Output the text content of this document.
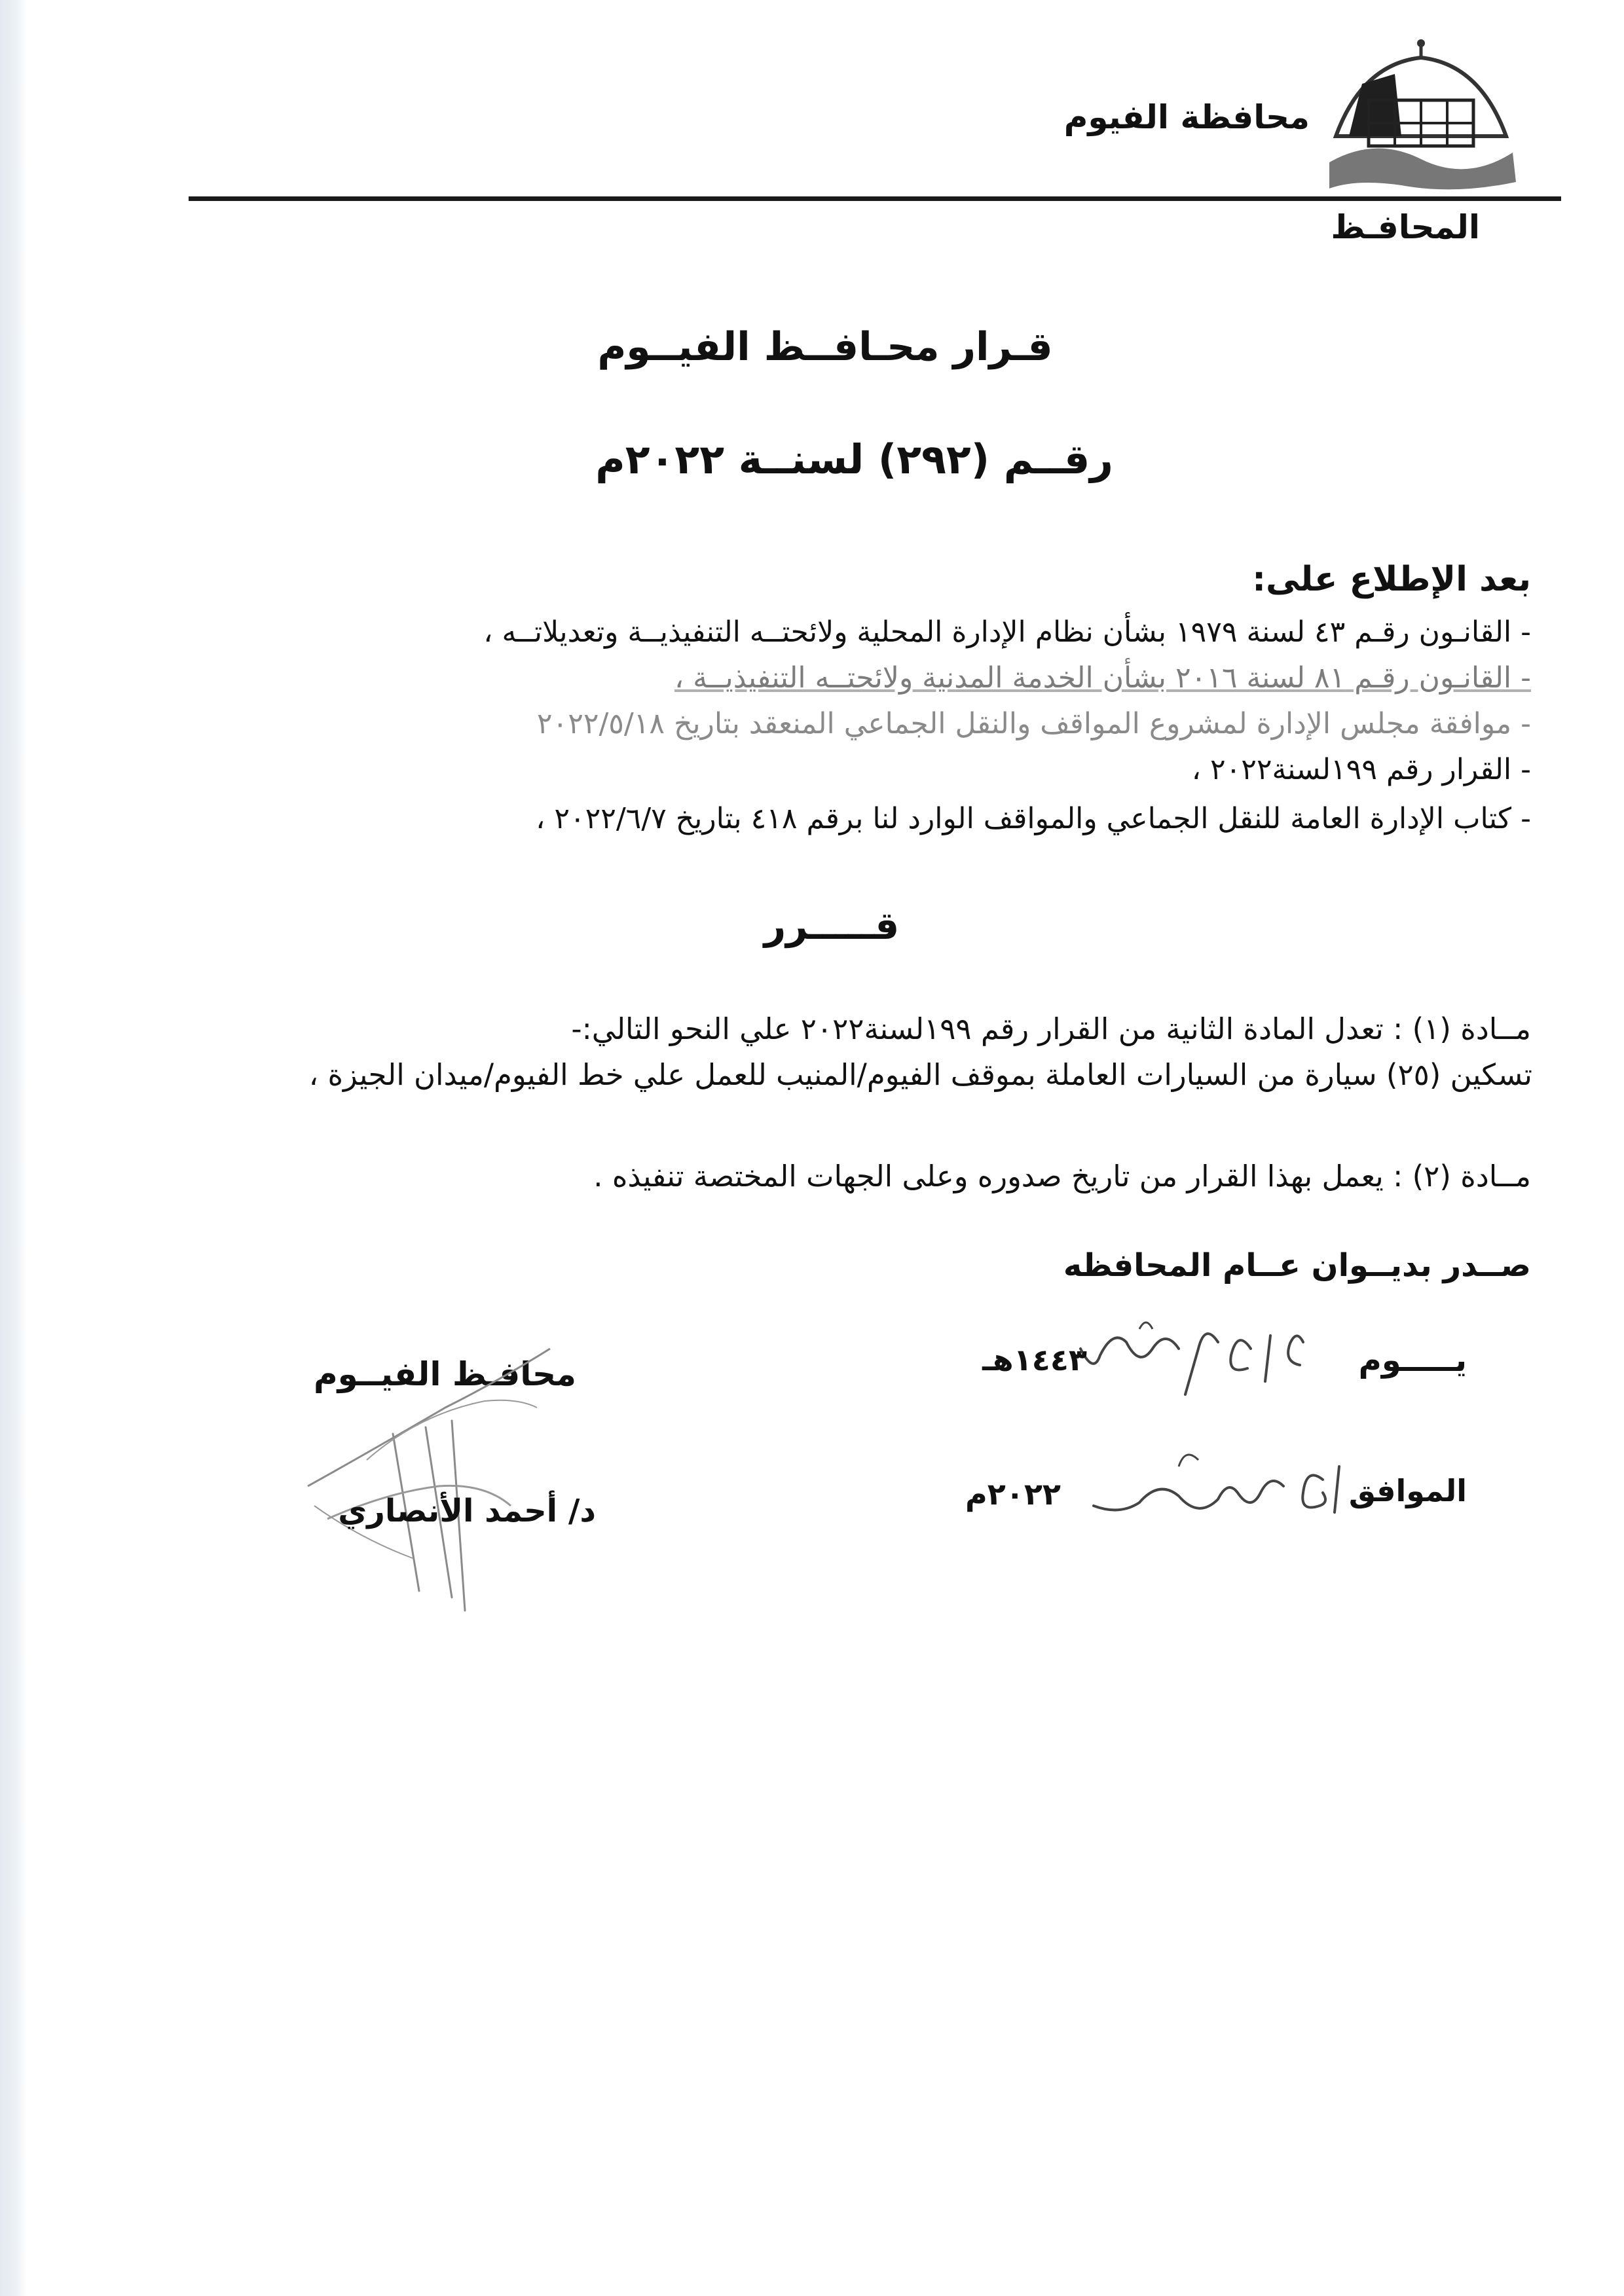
محافظة الفيوم
المحافـظ
قـرار محـافــظ الفيــوم
رقــم (٢٩٢) لسنــة ٢٠٢٢م
بعد الإطلاع على:
- القانـون رقـم ٤٣ لسنة ١٩٧٩ بشأن نظام الإدارة المحلية ولائحتــه التنفيذيــة وتعديلاتــه ،
- القانـون رقـم ٨١ لسنة ٢٠١٦ بشأن الخدمة المدنية ولائحتــه التنفيذيــة ،
- موافقة مجلس الإدارة لمشروع المواقف والنقل الجماعي المنعقد بتاريخ ٢٠٢٢/٥/١٨
- القرار رقم ١٩٩لسنة٢٠٢٢ ،
- كتاب الإدارة العامة للنقل الجماعي والمواقف الوارد لنا برقم ٤١٨ بتاريخ ٢٠٢٢/٦/٧ ،
قـــــرر
مــادة (١) : تعدل المادة الثانية من القرار رقم ١٩٩لسنة٢٠٢٢ علي النحو التالي:-
تسكين (٢٥) سيارة من السيارات العاملة بموقف الفيوم/المنيب للعمل علي خط الفيوم/ميدان الجيزة ،
مــادة (٢) : يعمل بهذا القرار من تاريخ صدوره وعلى الجهات المختصة تنفيذه .
صــدر بديــوان عــام المحافظه
يـــــوم
١٤٤٣هـ
الموافق
٢٠٢٢م
محافـظ الفيــوم
د/ أحمد الأنصاري
